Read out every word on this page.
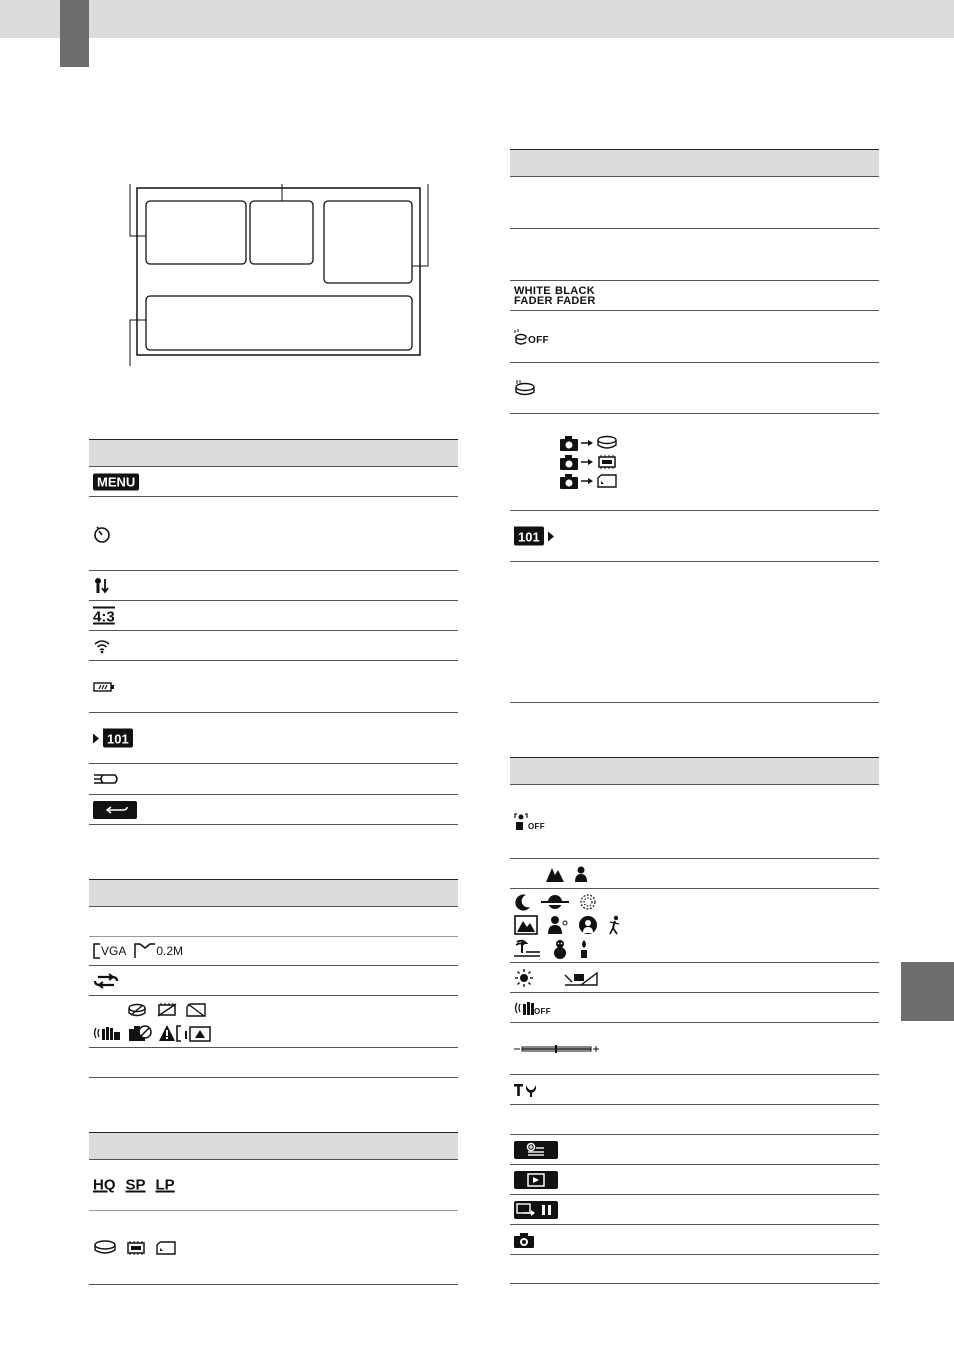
MENU
4:3
101
VGA	0.2M
HQ SP LP
WHITE BLACK
FADER FADER
OFF
101
OFF
OFF
